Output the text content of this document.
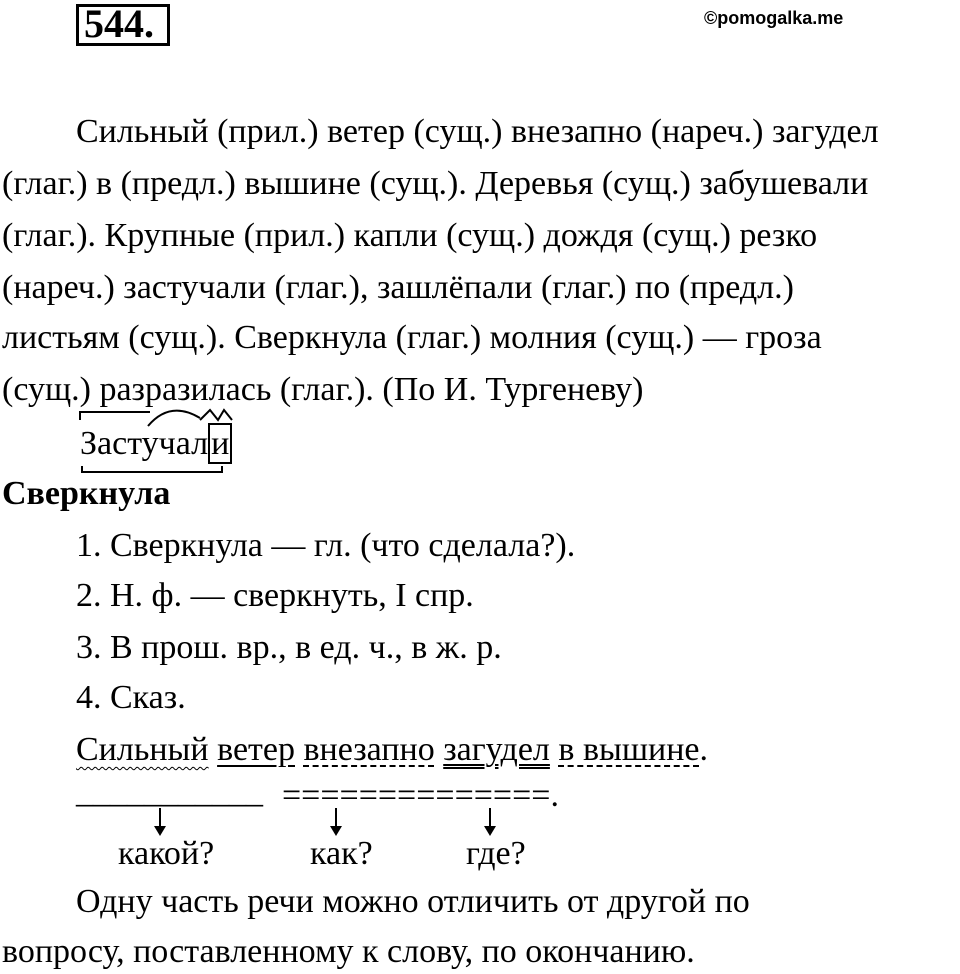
544.	©pomogalka.me
Сильный (прил.) ветер (сущ.) внезапно (нареч.) загудел
(глаг.) в (предл.) вышине (сущ.). Деревья (сущ.) забушевали
(глаг.). Крупные (прил.) капли (сущ.) дождя (сущ.) резко
(нареч.) застучали (глаг.), зашлёпали (глаг.) по (предл.)
листьям (сущ.). Сверкнула (глаг.) молния (сущ.) — гроза
(сущ.) разразилась (глаг.). (По И. Тургеневу)
Застучали
Сверкнула
1. Сверкнула — гл. (что сделала?).
2. Н. ф. — сверкнуть, I спр.
3. В прош. вр., в ед. ч., в ж. р.
4. Сказ.
Сильный ветер внезапно загудел в вышине.
___________ ==============.
какой?	как?	где?
Одну часть речи можно отличить от другой по
вопросу, поставленному к слову, по окончанию.
